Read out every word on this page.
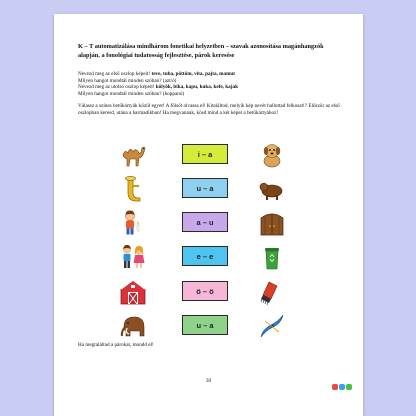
K – T automatizálása mindhárom fonetikai helyzetben – szavak azonosítása magánhangzók alapján, a fonológiai tudatosság fejlesztése, párok keresése
Nevezd meg az első oszlop képeit! teve, tuba, pöttöm, vita, pajta, mamut
Milyen hangot mondtál minden szóban? (azt/ó)
Nevezd meg az utolsó oszlop képeit! kölyök, bika, kapu, kuka, kefe, kajak
Milyen hangot mondtál minden szóban? (koppanó)
Válassz a színes betűkártyák közül egyet! A fölsőt olvassa el! Kitaláltod, melyik kép nevét hallottad felkosat!? Először az első oszlopban keresd, utána a harmadikban! Ha megvannak, kösd mind a két képet a betűkártyához!
i – a
u – a
a – u
e – e
ö – ö
u – a
Ha megtaláltad a párokat, mondd el!
30
